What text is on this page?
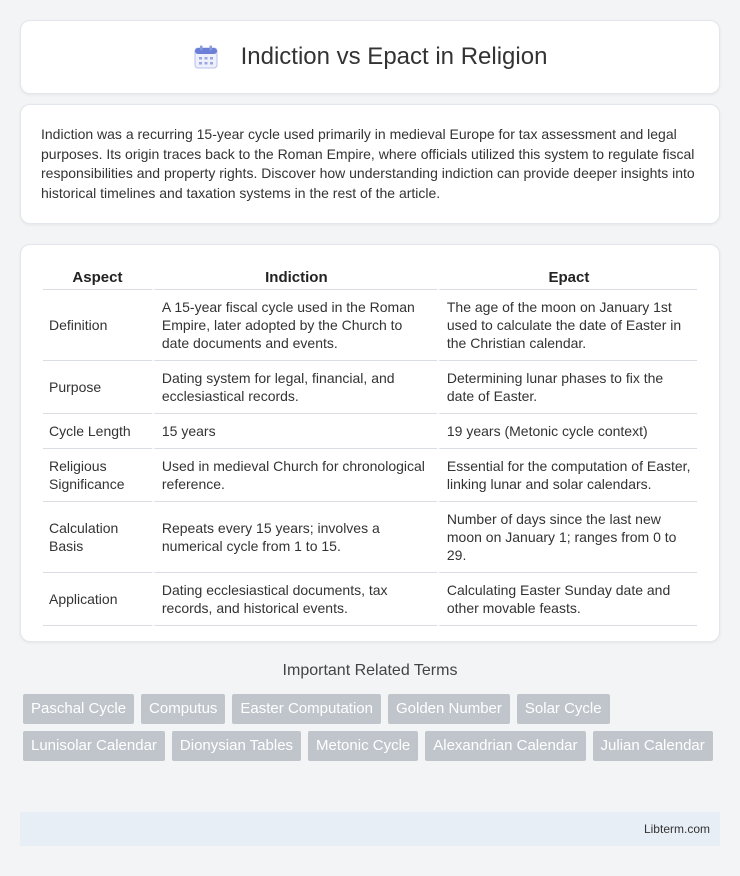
Indiction vs Epact in Religion

Indiction was a recurring 15-year cycle used primarily in medieval Europe for tax assessment and legal purposes. Its origin traces back to the Roman Empire, where officials utilized this system to regulate fiscal responsibilities and property rights. Discover how understanding indiction can provide deeper insights into historical timelines and taxation systems in the rest of the article.

Aspect	Indiction	Epact
Definition	A 15-year fiscal cycle used in the Roman Empire, later adopted by the Church to date documents and events.	The age of the moon on January 1st used to calculate the date of Easter in the Christian calendar.
Purpose	Dating system for legal, financial, and ecclesiastical records.	Determining lunar phases to fix the date of Easter.
Cycle Length	15 years	19 years (Metonic cycle context)
Religious Significance	Used in medieval Church for chronological reference.	Essential for the computation of Easter, linking lunar and solar calendars.
Calculation Basis	Repeats every 15 years; involves a numerical cycle from 1 to 15.	Number of days since the last new moon on January 1; ranges from 0 to 29.
Application	Dating ecclesiastical documents, tax records, and historical events.	Calculating Easter Sunday date and other movable feasts.
Important Related Terms
Paschal Cycle	Computus	Easter Computation	Golden Number	Solar Cycle
Lunisolar Calendar	Dionysian Tables	Metonic Cycle	Alexandrian Calendar	Julian Calendar
Libterm.com
